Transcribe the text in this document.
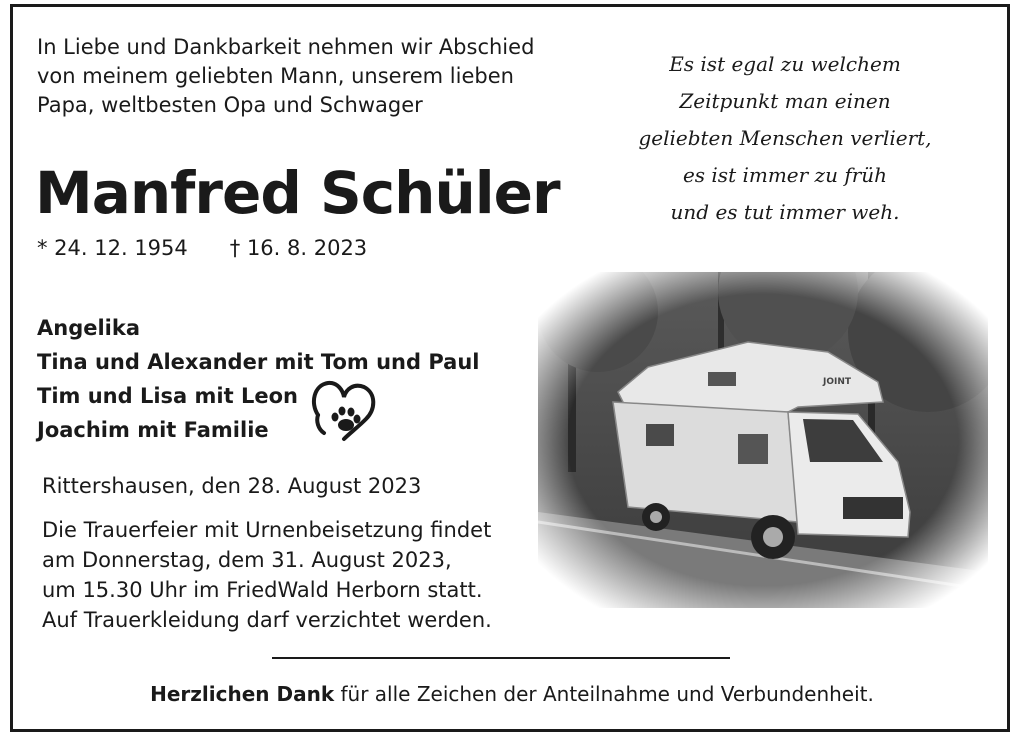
In Liebe und Dankbarkeit nehmen wir Abschied
von meinem geliebten Mann, unserem lieben
Papa, weltbesten Opa und Schwager
Manfred Schüler
* 24. 12. 1954 † 16. 8. 2023
Angelika
Tina und Alexander mit Tom und Paul
Tim und Lisa mit Leon
Joachim mit Familie
Rittershausen, den 28. August 2023
Die Trauerfeier mit Urnenbeisetzung findet
am Donnerstag, dem 31. August 2023,
um 15.30 Uhr im FriedWald Herborn statt.
Auf Trauerkleidung darf verzichtet werden.
Es ist egal zu welchem
Zeitpunkt man einen
geliebten Menschen verliert,
es ist immer zu früh
und es tut immer weh.
Herzlichen Dank für alle Zeichen der Anteilnahme und Verbundenheit.
